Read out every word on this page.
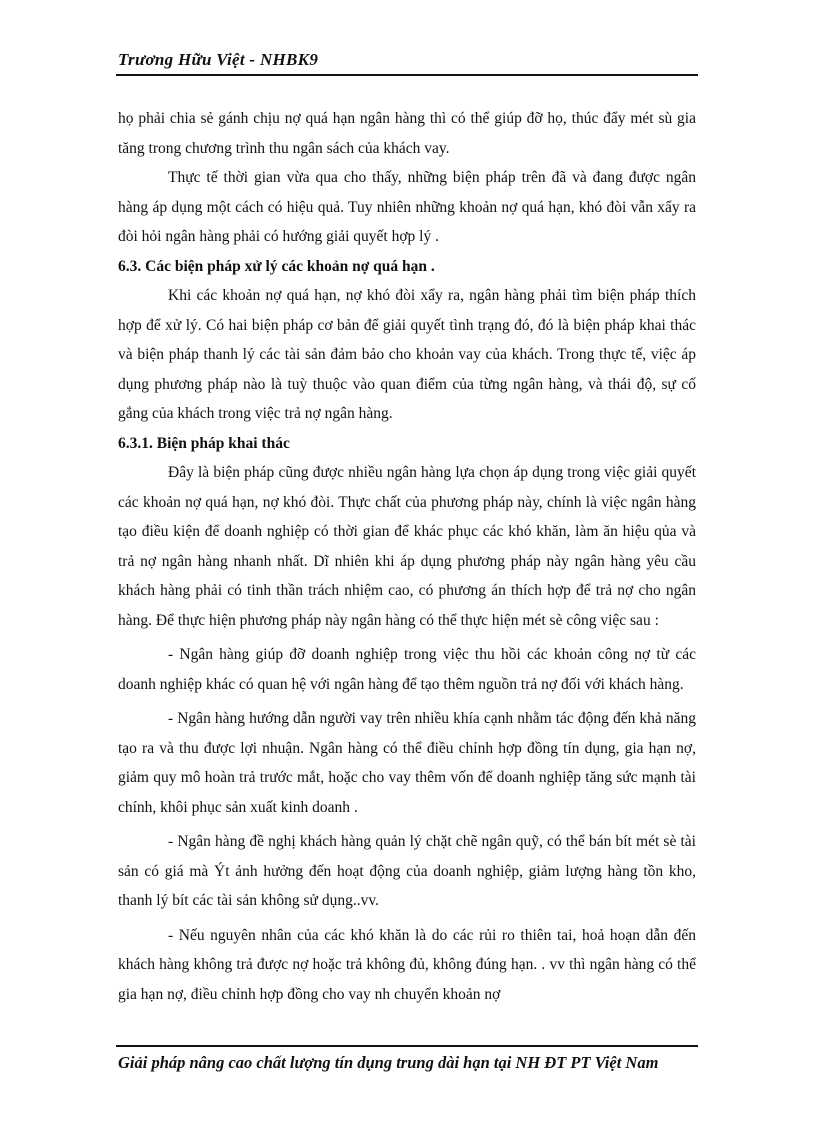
Trương Hữu Việt - NHBK9

họ phải chia sẻ gánh chịu nợ quá hạn ngân hàng thì có thể giúp đỡ họ, thúc đẩy mét sù gia tăng trong chương trình thu ngân sách của khách vay.

Thực tế thời gian vừa qua cho thấy, những biện pháp trên đã và đang được ngân hàng áp dụng một cách có hiệu quả. Tuy nhiên những khoản nợ quá hạn, khó đòi vẫn xẩy ra đòi hỏi ngân hàng phải có hướng giải quyết hợp lý .

6.3. Các biện pháp xử lý các khoản nợ quá hạn .

Khi các khoản nợ quá hạn, nợ khó đòi xẩy ra, ngân hàng phải tìm biện pháp thích hợp để xử lý. Có hai biện pháp cơ bản để giải quyết tình trạng đó, đó là biện pháp khai thác và biện pháp thanh lý các tài sản đảm bảo cho khoản vay của khách. Trong thực tế, việc áp dụng phương pháp nào là tuỳ thuộc vào quan điểm của từng ngân hàng, và thái độ, sự cố gắng của khách trong việc trả nợ ngân hàng.

6.3.1. Biện pháp khai thác

Đây là biện pháp cũng được nhiều ngân hàng lựa chọn áp dụng trong việc giải quyết các khoản nợ quá hạn, nợ khó đòi. Thực chất của phương pháp này, chính là việc ngân hàng tạo điều kiện để doanh nghiệp có thời gian để khác phục các khó khăn, làm ăn hiệu qủa và trả nợ ngân hàng nhanh nhất. Dĩ nhiên khi áp dụng phương pháp này ngân hàng yêu cầu khách hàng phải có tinh thần trách nhiệm cao, có phương án thích hợp để trả nợ cho ngân hàng. Để thực hiện phương pháp này ngân hàng có thể thực hiện mét sè công việc sau :

- Ngân hàng giúp đỡ doanh nghiệp trong việc thu hồi các khoản công nợ từ các doanh nghiệp khác có quan hệ với ngân hàng để tạo thêm nguồn trả nợ đối với khách hàng.

- Ngân hàng hướng dẫn người vay trên nhiều khía cạnh nhằm tác động đến khả năng tạo ra và thu được lợi nhuận. Ngân hàng có thể điều chỉnh hợp đồng tín dụng, gia hạn nợ, giảm quy mô hoàn trả trước mắt, hoặc cho vay thêm vốn để doanh nghiệp tăng sức mạnh tài chính, khôi phục sản xuất kinh doanh .

- Ngân hàng đề nghị khách hàng quản lý chặt chẽ ngân quỹ, có thể bán bít mét sè tài sản có giá mà Ýt ảnh hưởng đến hoạt động của doanh nghiệp, giảm lượng hàng tồn kho, thanh lý bít các tài sản không sử dụng..vv.

- Nếu nguyên nhân của các khó khăn là do các rủi ro thiên tai, hoả hoạn dẫn đến khách hàng không trả được nợ hoặc trả không đủ, không đúng hạn. . vv thì ngân hàng có thể gia hạn nợ, điều chỉnh hợp đồng cho vay nh chuyển khoản nợ

Giải pháp nâng cao chất lượng tín dụng trung dài hạn tại NH ĐT PT Việt Nam
